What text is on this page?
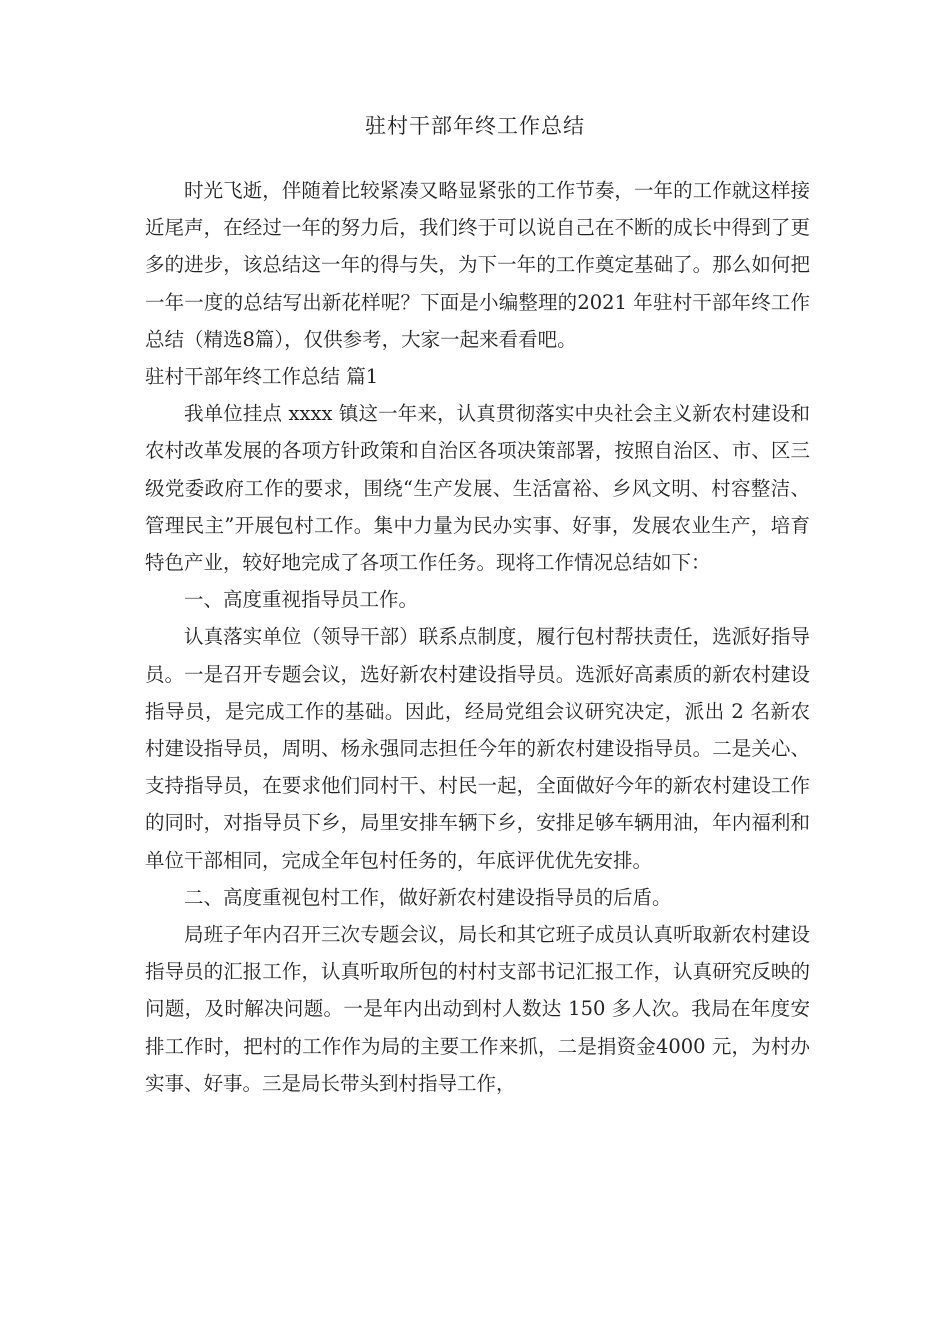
驻村干部年终工作总结

时光飞逝，伴随着比较紧凑又略显紧张的工作节奏，一年的工作就这样接近尾声，在经过一年的努力后，我们终于可以说自己在不断的成长中得到了更多的进步，该总结这一年的得与失，为下一年的工作奠定基础了。那么如何把一年一度的总结写出新花样呢？下面是小编整理的2021 年驻村干部年终工作总结（精选8篇），仅供参考，大家一起来看看吧。

驻村干部年终工作总结 篇1

我单位挂点 xxxx 镇这一年来，认真贯彻落实中央社会主义新农村建设和农村改革发展的各项方针政策和自治区各项决策部署，按照自治区、市、区三级党委政府工作的要求，围绕“生产发展、生活富裕、乡风文明、村容整洁、管理民主”开展包村工作。集中力量为民办实事、好事，发展农业生产，培育特色产业，较好地完成了各项工作任务。现将工作情况总结如下：

一、高度重视指导员工作。

认真落实单位（领导干部）联系点制度，履行包村帮扶责任，选派好指导员。一是召开专题会议，选好新农村建设指导员。选派好高素质的新农村建设指导员，是完成工作的基础。因此，经局党组会议研究决定，派出 2 名新农村建设指导员，周明、杨永强同志担任今年的新农村建设指导员。二是关心、支持指导员，在要求他们同村干、村民一起，全面做好今年的新农村建设工作的同时，对指导员下乡，局里安排车辆下乡，安排足够车辆用油，年内福利和单位干部相同，完成全年包村任务的，年底评优优先安排。

二、高度重视包村工作，做好新农村建设指导员的后盾。

局班子年内召开三次专题会议，局长和其它班子成员认真听取新农村建设指导员的汇报工作，认真听取所包的村村支部书记汇报工作，认真研究反映的问题，及时解决问题。一是年内出动到村人数达 150 多人次。我局在年度安排工作时，把村的工作作为局的主要工作来抓，二是捐资金4000 元，为村办实事、好事。三是局长带头到村指导工作，
